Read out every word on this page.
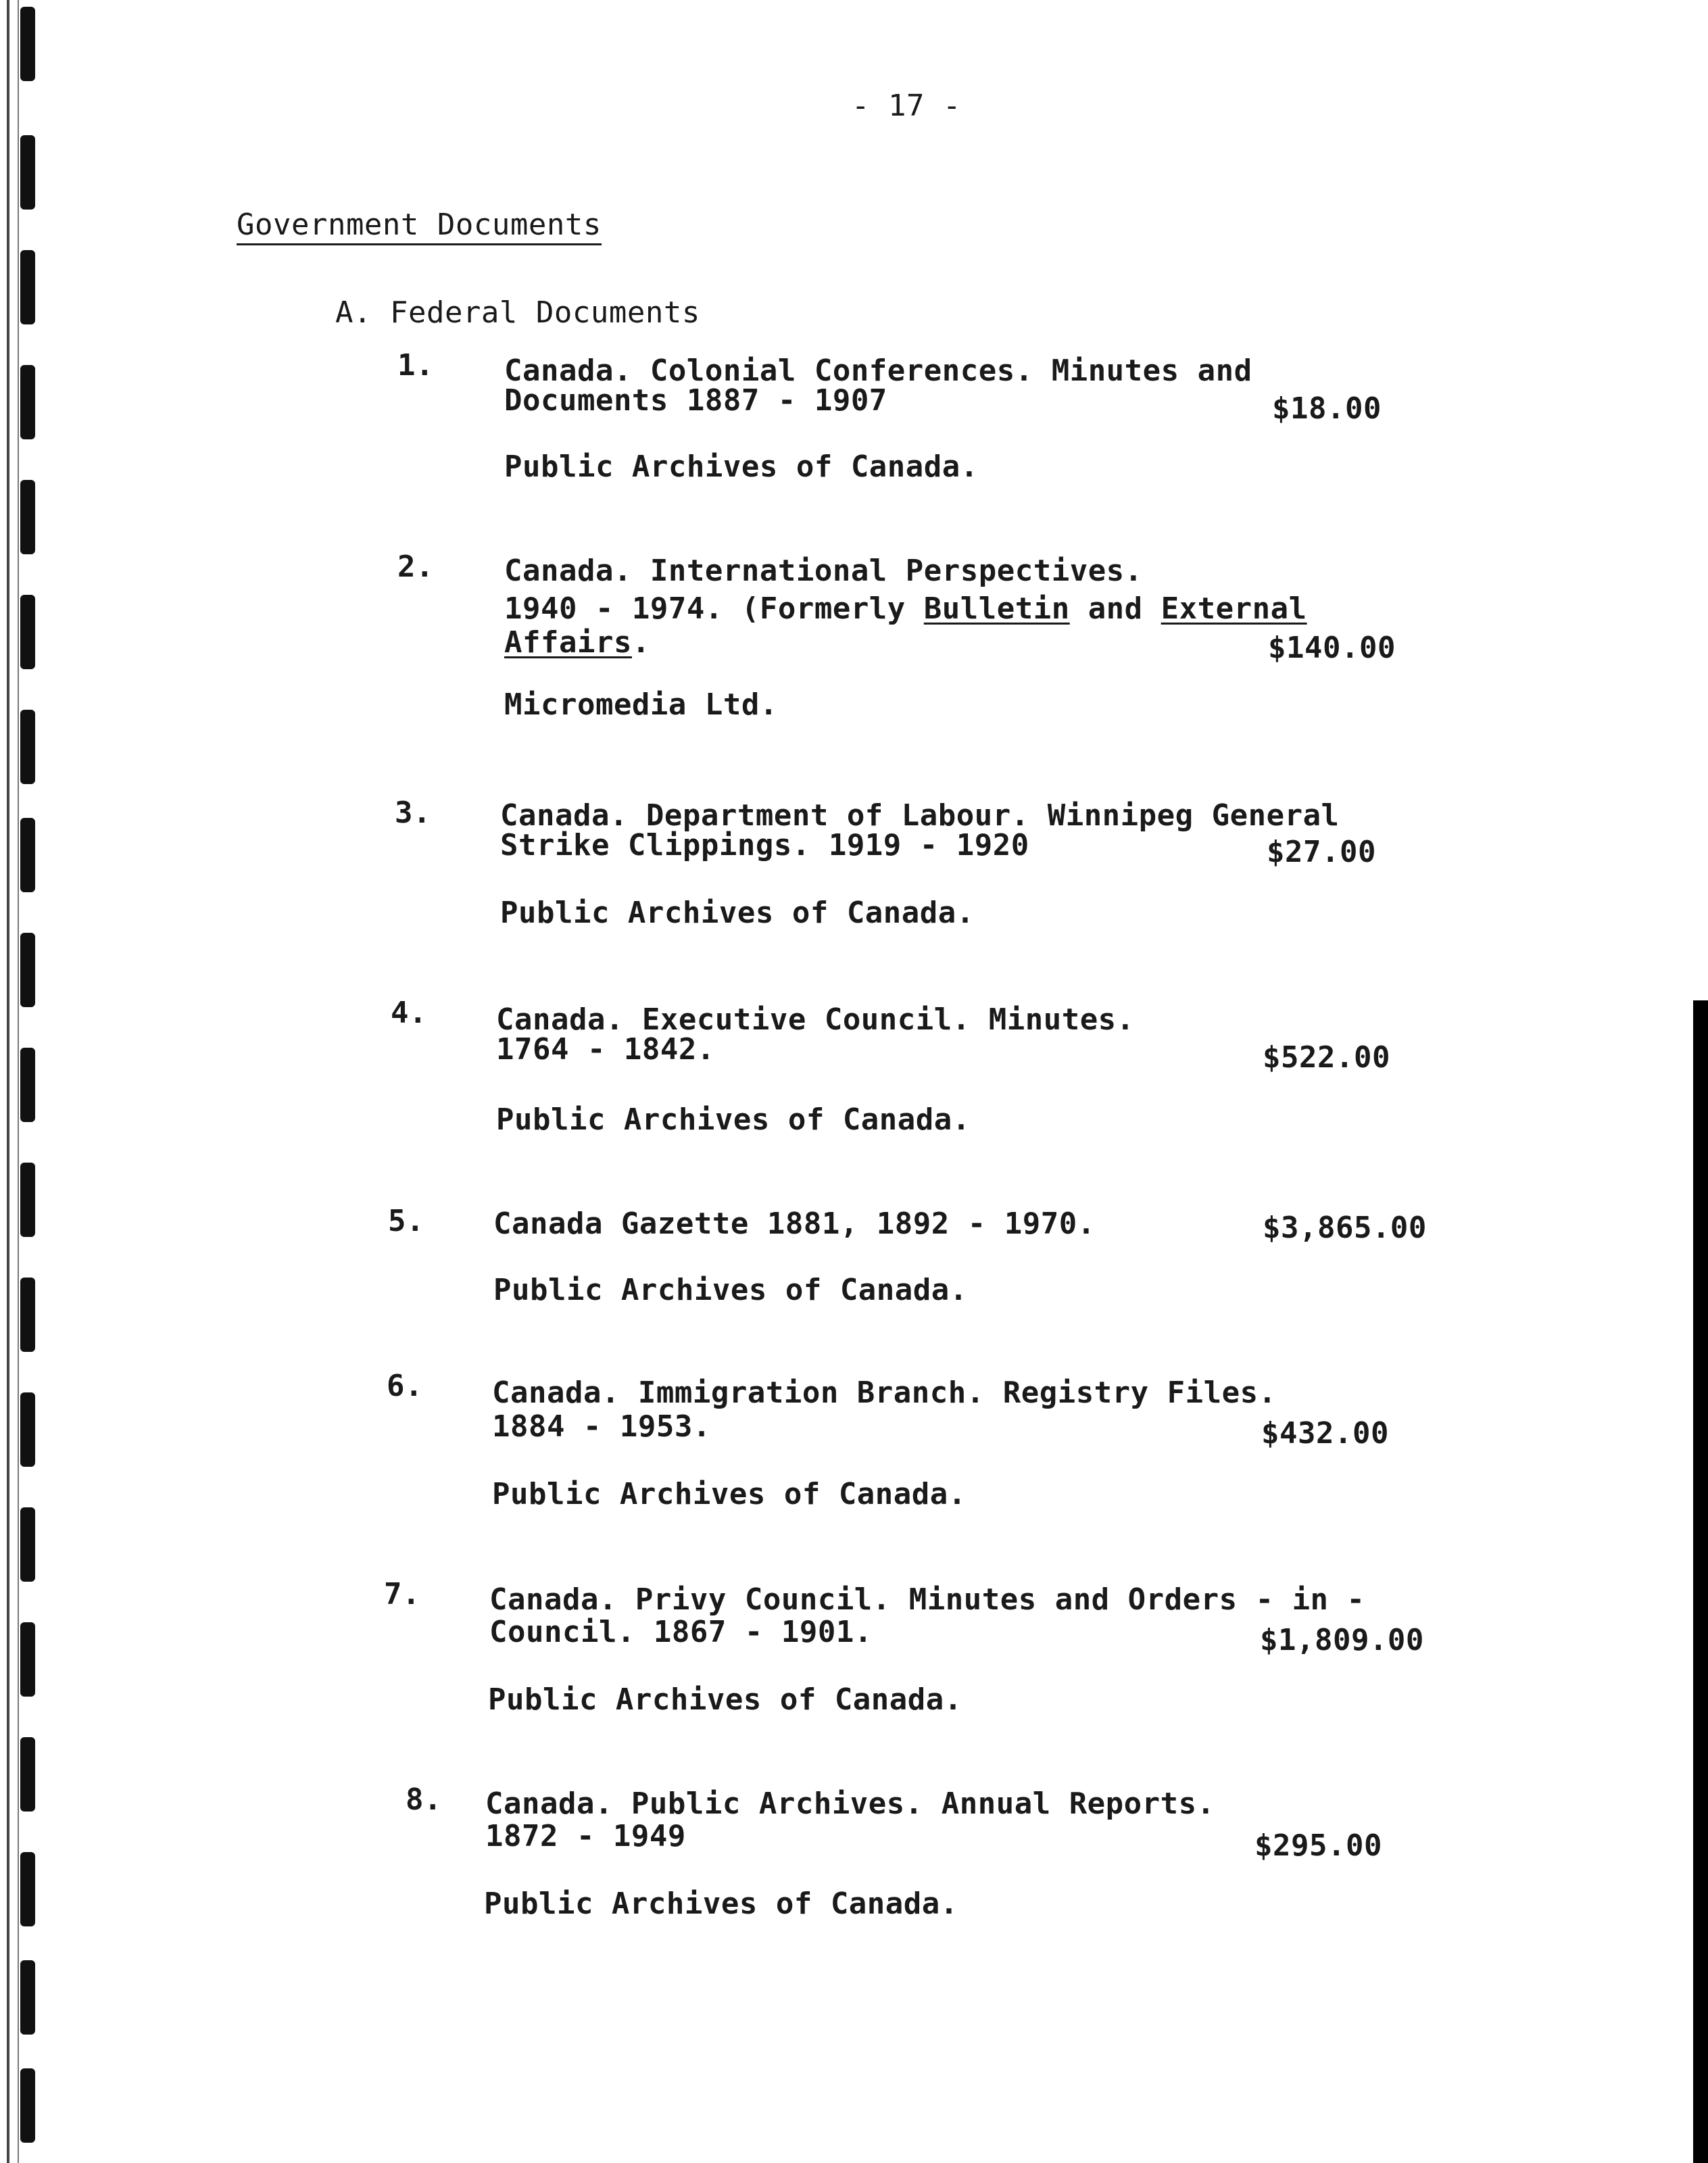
- 17 -
Government Documents
A. Federal Documents
1. Canada. Colonial Conferences. Minutes and
Documents 1887 - 1907	$18.00
Public Archives of Canada.
2. Canada. International Perspectives.
1940 - 1974. (Formerly Bulletin and External
Affairs.	$140.00
Micromedia Ltd.
3. Canada. Department of Labour. Winnipeg General
Strike Clippings. 1919 - 1920	$27.00
Public Archives of Canada.
4. Canada. Executive Council. Minutes.
1764 - 1842.	$522.00
Public Archives of Canada.
5. Canada Gazette 1881, 1892 - 1970.	$3,865.00
Public Archives of Canada.
6. Canada. Immigration Branch. Registry Files.
1884 - 1953.	$432.00
Public Archives of Canada.
7. Canada. Privy Council. Minutes and Orders - in -
Council. 1867 - 1901.	$1,809.00
Public Archives of Canada.
8. Canada. Public Archives. Annual Reports.
1872 - 1949	$295.00
Public Archives of Canada.
